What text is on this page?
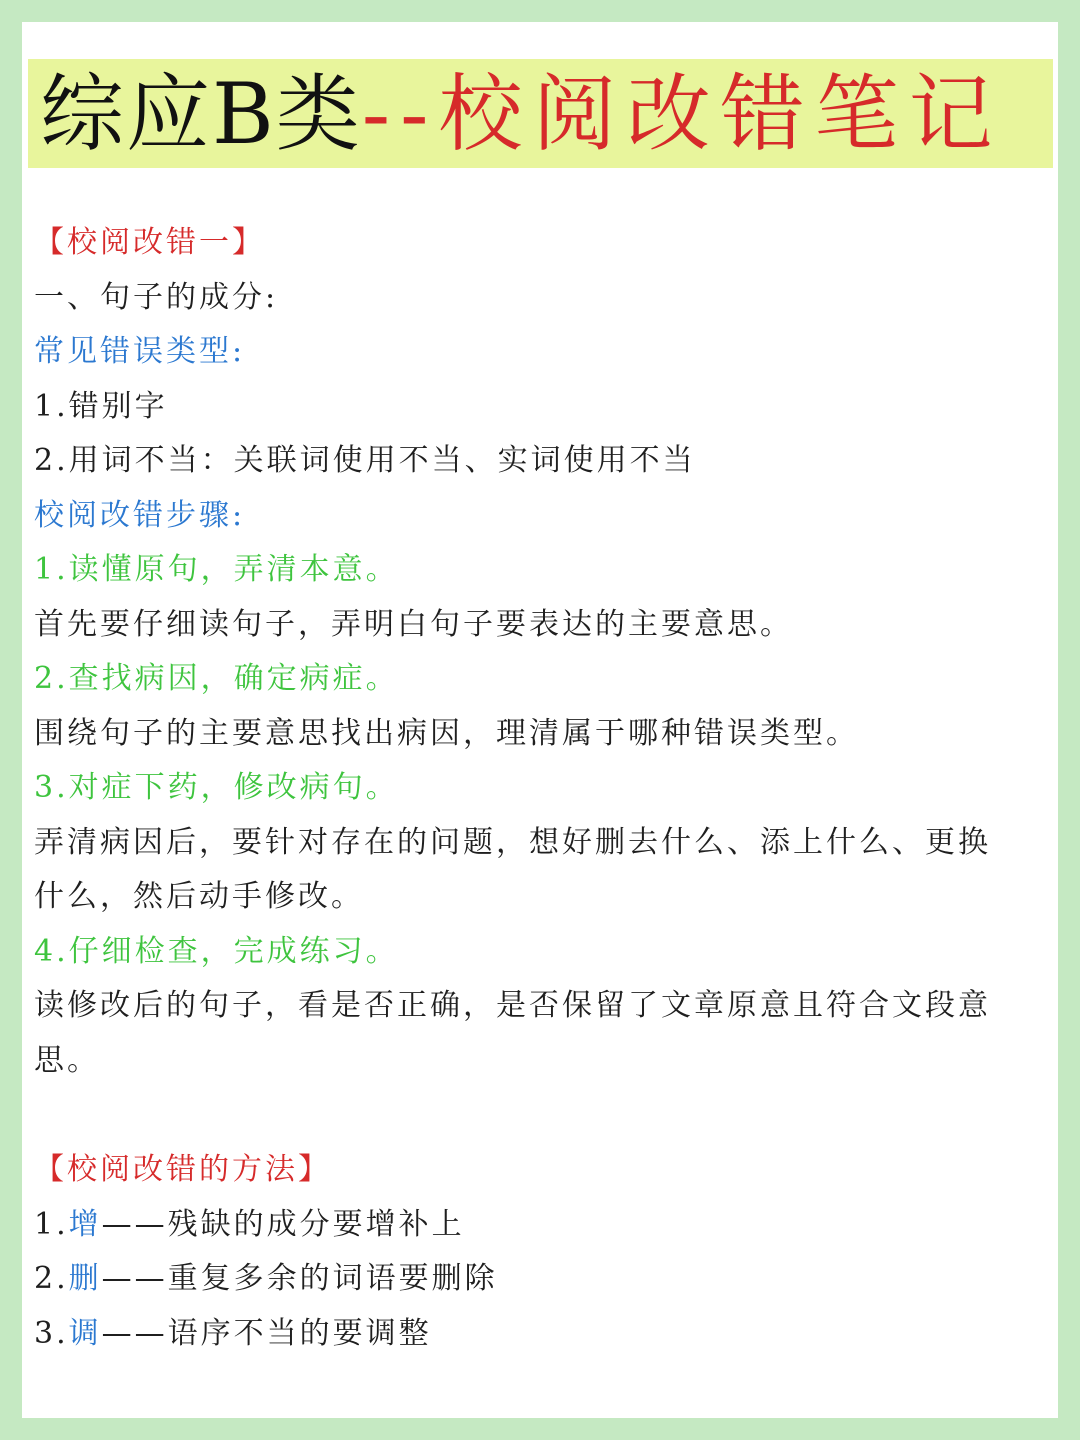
综应B类 --校阅改错笔记
【校阅改错一】
一、句子的成分:
常见错误类型:
1.错别字
2.用词不当：关联词使用不当、实词使用不当
校阅改错步骤:
1.读懂原句，弄清本意。
首先要仔细读句子，弄明白句子要表达的主要意思。
2.查找病因，确定病症。
围绕句子的主要意思找出病因，理清属于哪种错误类型。
3.对症下药，修改病句。
弄清病因后，要针对存在的问题，想好删去什么、添上什么、更换什么，然后动手修改。
4.仔细检查，完成练习。
读修改后的句子，看是否正确，是否保留了文章原意且符合文段意思。
【校阅改错的方法】
1.增——残缺的成分要增补上
2.删——重复多余的词语要删除
3.调——语序不当的要调整
